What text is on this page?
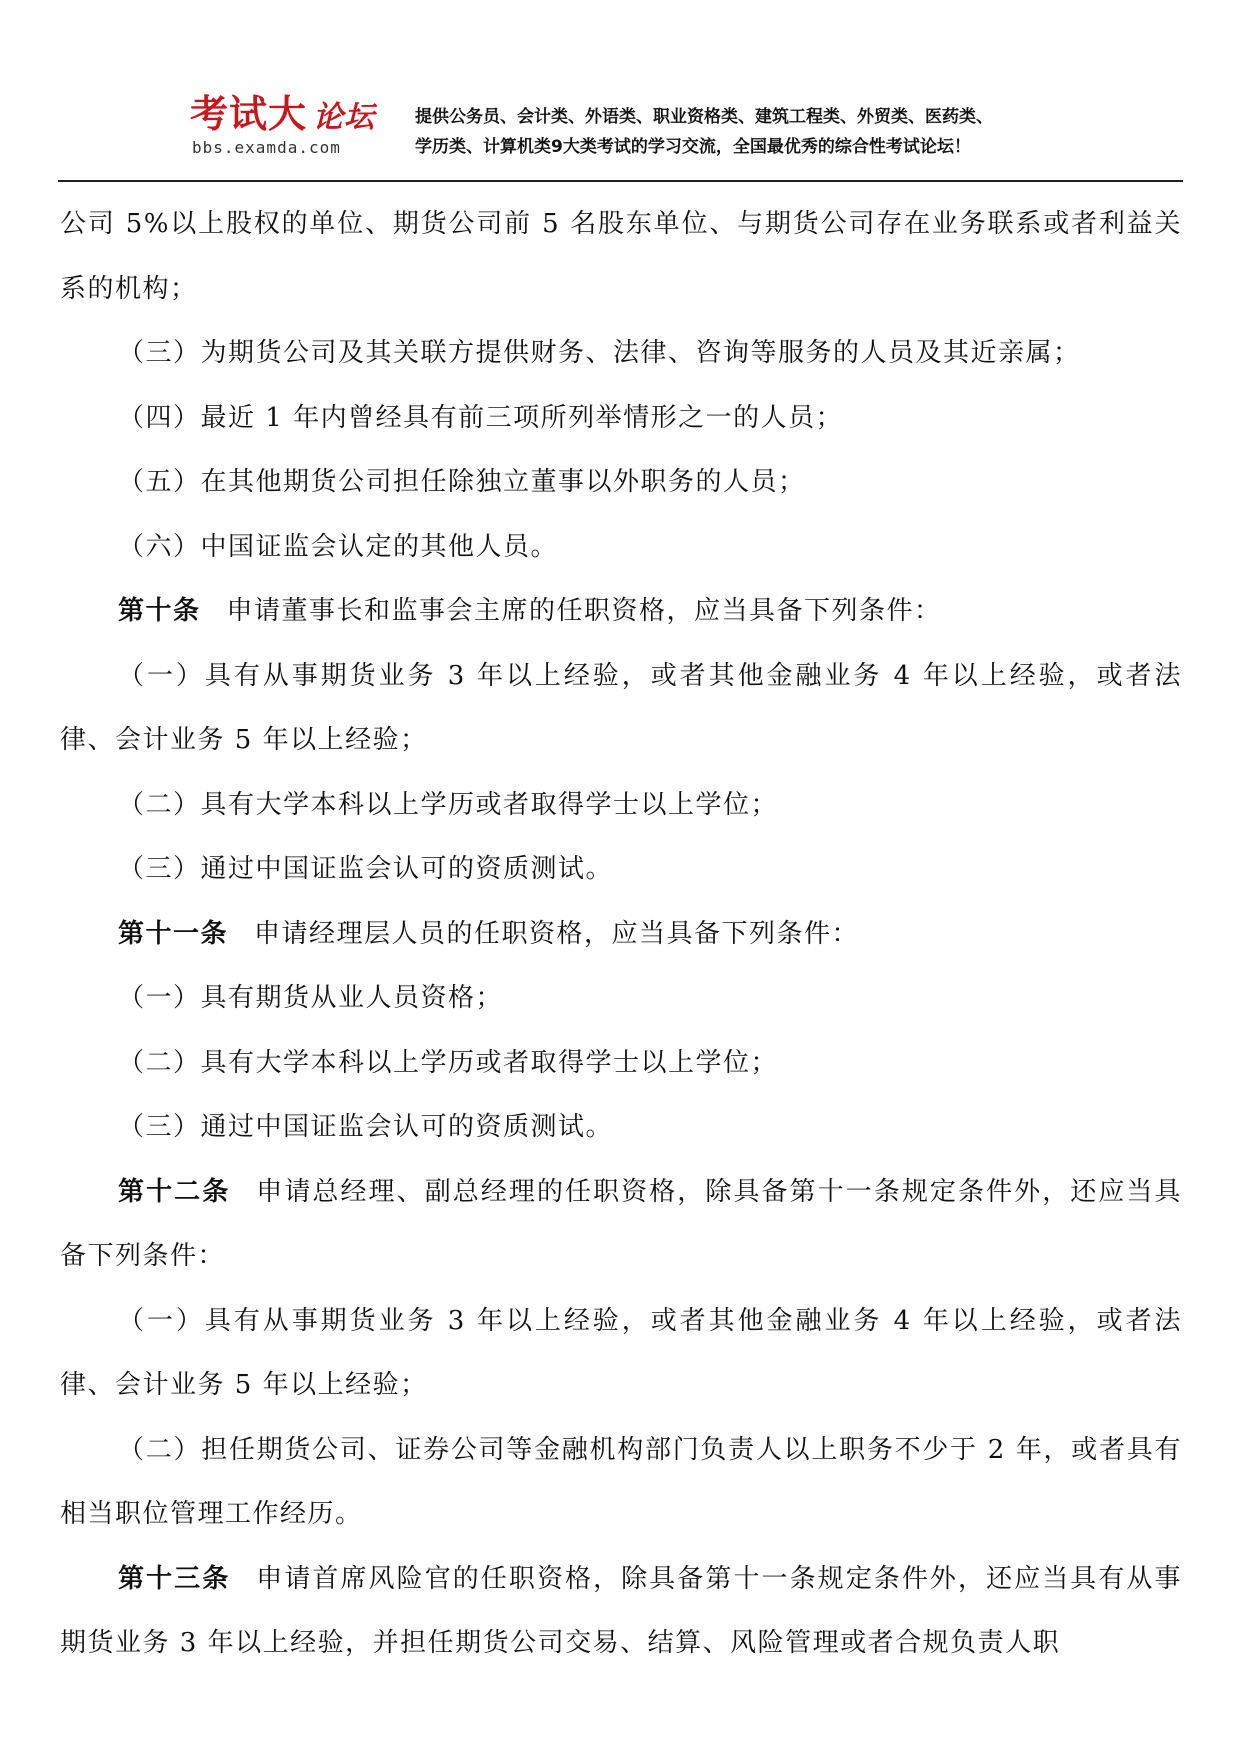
考试大 论坛
bbs.examda.com
提供公务员、会计类、外语类、职业资格类、建筑工程类、外贸类、医药类、
学历类、计算机类9大类考试的学习交流，全国最优秀的综合性考试论坛！

公司 5%以上股权的单位、期货公司前 5 名股东单位、与期货公司存在业务联系或者利益关系的机构；

（三）为期货公司及其关联方提供财务、法律、咨询等服务的人员及其近亲属；

（四）最近 1 年内曾经具有前三项所列举情形之一的人员；

（五）在其他期货公司担任除独立董事以外职务的人员；

（六）中国证监会认定的其他人员。

第十条 申请董事长和监事会主席的任职资格，应当具备下列条件：

（一）具有从事期货业务 3 年以上经验，或者其他金融业务 4 年以上经验，或者法律、会计业务 5 年以上经验；

（二）具有大学本科以上学历或者取得学士以上学位；

（三）通过中国证监会认可的资质测试。

第十一条 申请经理层人员的任职资格，应当具备下列条件：

（一）具有期货从业人员资格；

（二）具有大学本科以上学历或者取得学士以上学位；

（三）通过中国证监会认可的资质测试。

第十二条 申请总经理、副总经理的任职资格，除具备第十一条规定条件外，还应当具备下列条件：

（一）具有从事期货业务 3 年以上经验，或者其他金融业务 4 年以上经验，或者法律、会计业务 5 年以上经验；

（二）担任期货公司、证券公司等金融机构部门负责人以上职务不少于 2 年，或者具有相当职位管理工作经历。

第十三条 申请首席风险官的任职资格，除具备第十一条规定条件外，还应当具有从事期货业务 3 年以上经验，并担任期货公司交易、结算、风险管理或者合规负责人职
